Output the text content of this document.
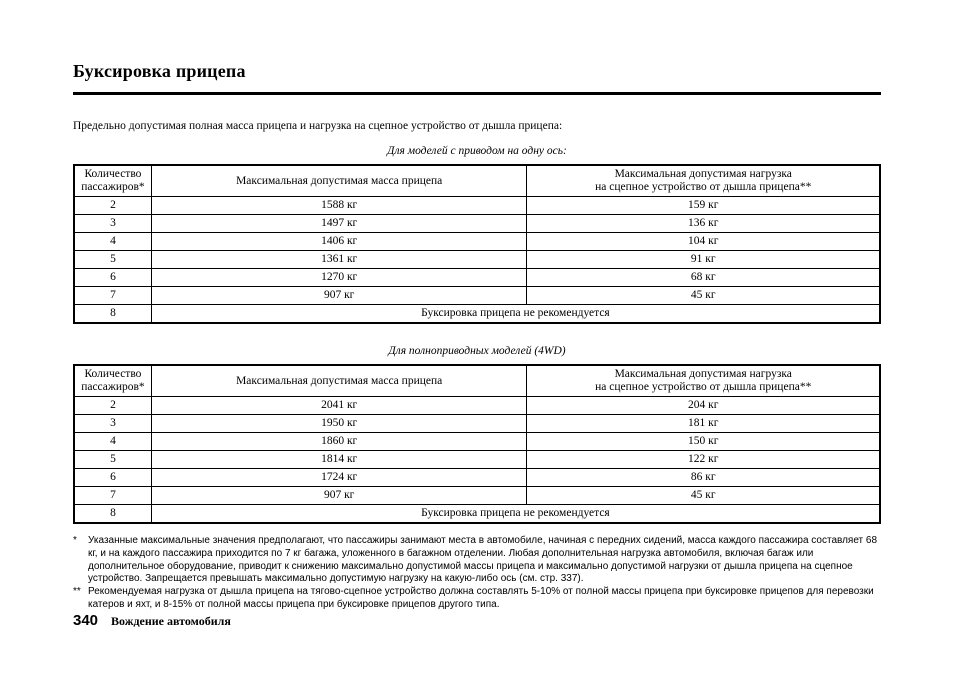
Буксировка прицепа

Предельно допустимая полная масса прицепа и нагрузка на сцепное устройство от дышла прицепа:

Для моделей с приводом на одну ось:
Количество
пассажиров*	Максимальная допустимая масса прицепа	Максимальная допустимая нагрузка
на сцепное устройство от дышла прицепа**
2	1588 кг	159 кг
3	1497 кг	136 кг
4	1406 кг	104 кг
5	1361 кг	91 кг
6	1270 кг	68 кг
7	907 кг	45 кг
8	Буксировка прицепа не рекомендуется	
Для полноприводных моделей (4WD)
Количество
пассажиров*	Максимальная допустимая масса прицепа	Максимальная допустимая нагрузка
на сцепное устройство от дышла прицепа**
2	2041 кг	204 кг
3	1950 кг	181 кг
4	1860 кг	150 кг
5	1814 кг	122 кг
6	1724 кг	86 кг
7	907 кг	45 кг
8	Буксировка прицепа не рекомендуется	
*	Указанные максимальные значения предполагают, что пассажиры занимают места в автомобиле, начиная с передних сидений, масса каждого пассажира составляет 68 кг, и на каждого пассажира приходится по 7 кг багажа, уложенного в багажном отделении. Любая дополнительная нагрузка автомобиля, включая багаж или дополнительное оборудование, приводит к снижению максимально допустимой массы прицепа и максимально допустимой нагрузки от дышла прицепа на сцепное устройство. Запрещается превышать максимально допустимую нагрузку на какую-либо ось (см. стр. 337).
** Рекомендуемая нагрузка от дышла прицепа на тягово-сцепное устройство должна составлять 5-10% от полной массы прицепа при буксировке прицепов для перевозки катеров и яхт, и 8-15% от полной массы прицепа при буксировке прицепов другого типа.
340 Вождение автомобиля
